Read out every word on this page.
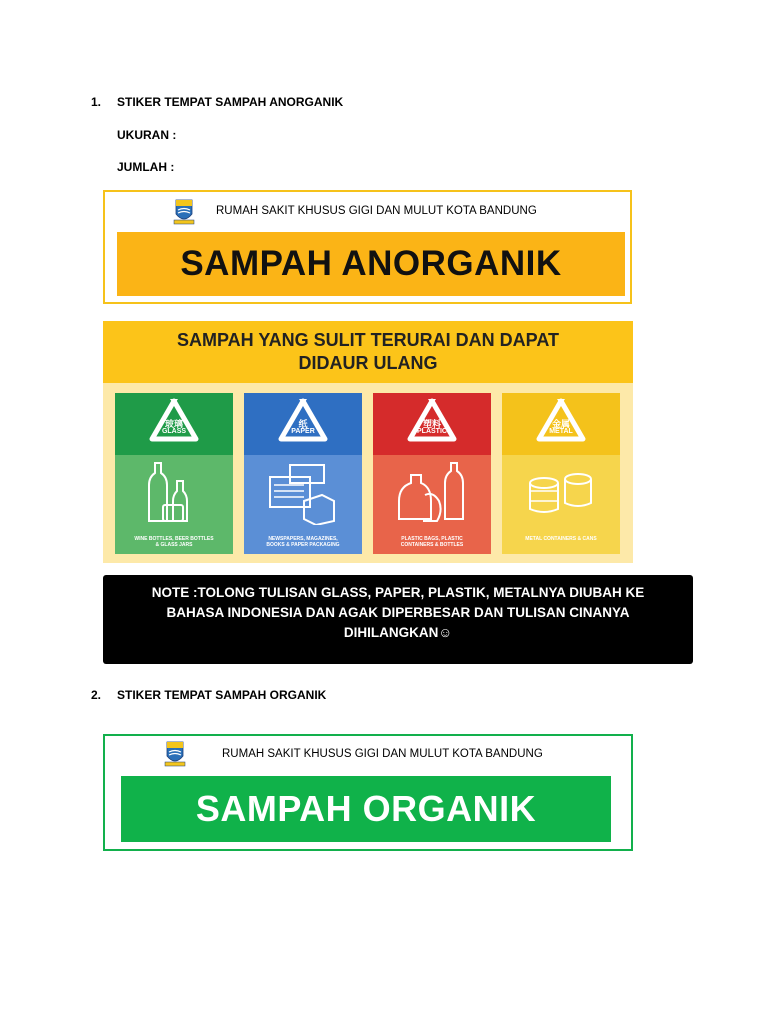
1. STIKER TEMPAT SAMPAH ANORGANIK
UKURAN :
JUMLAH :
RUMAH SAKIT KHUSUS GIGI DAN MULUT KOTA BANDUNG
SAMPAH ANORGANIK
SAMPAH YANG SULIT TERURAI DAN DAPAT
DIDAUR ULANG
玻璃
GLASS
WINE BOTTLES, BEER BOTTLES
& GLASS JARS
纸
PAPER
NEWSPAPERS, MAGAZINES,
BOOKS & PAPER PACKAGING
塑料
PLASTIC
PLASTIC BAGS, PLASTIC
CONTAINERS & BOTTLES
金属
METAL
METAL CONTAINERS & CANS
NOTE :TOLONG TULISAN GLASS, PAPER, PLASTIK, METALNYA DIUBAH KE
BAHASA INDONESIA DAN AGAK DIPERBESAR DAN TULISAN CINANYA
DIHILANGKAN☺
2. STIKER TEMPAT SAMPAH ORGANIK
RUMAH SAKIT KHUSUS GIGI DAN MULUT KOTA BANDUNG
SAMPAH ORGANIK
